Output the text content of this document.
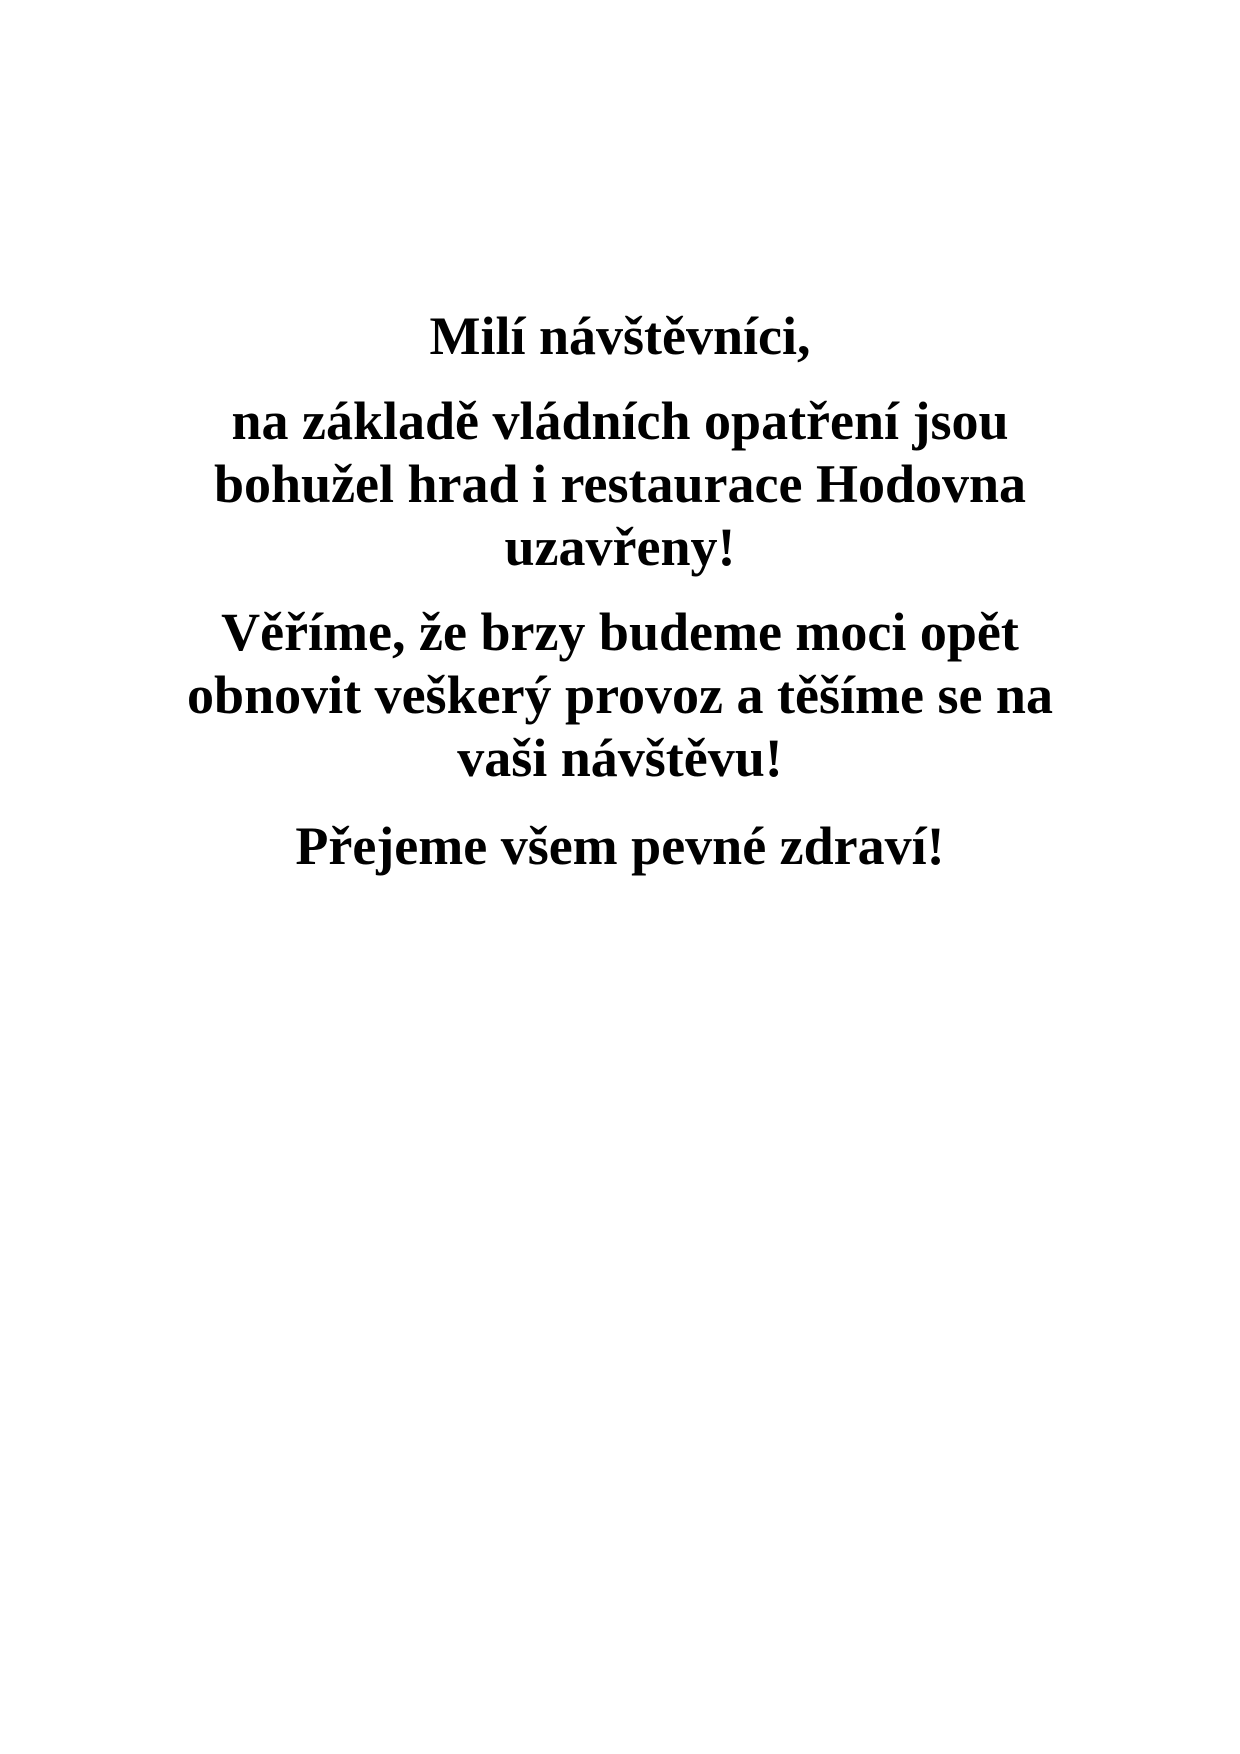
Milí návštěvníci,

na základě vládních opatření jsou
bohužel hrad i restaurace Hodovna
uzavřeny!

Věříme, že brzy budeme moci opět
obnovit veškerý provoz a těšíme se na
vaši návštěvu!

Přejeme všem pevné zdraví!
